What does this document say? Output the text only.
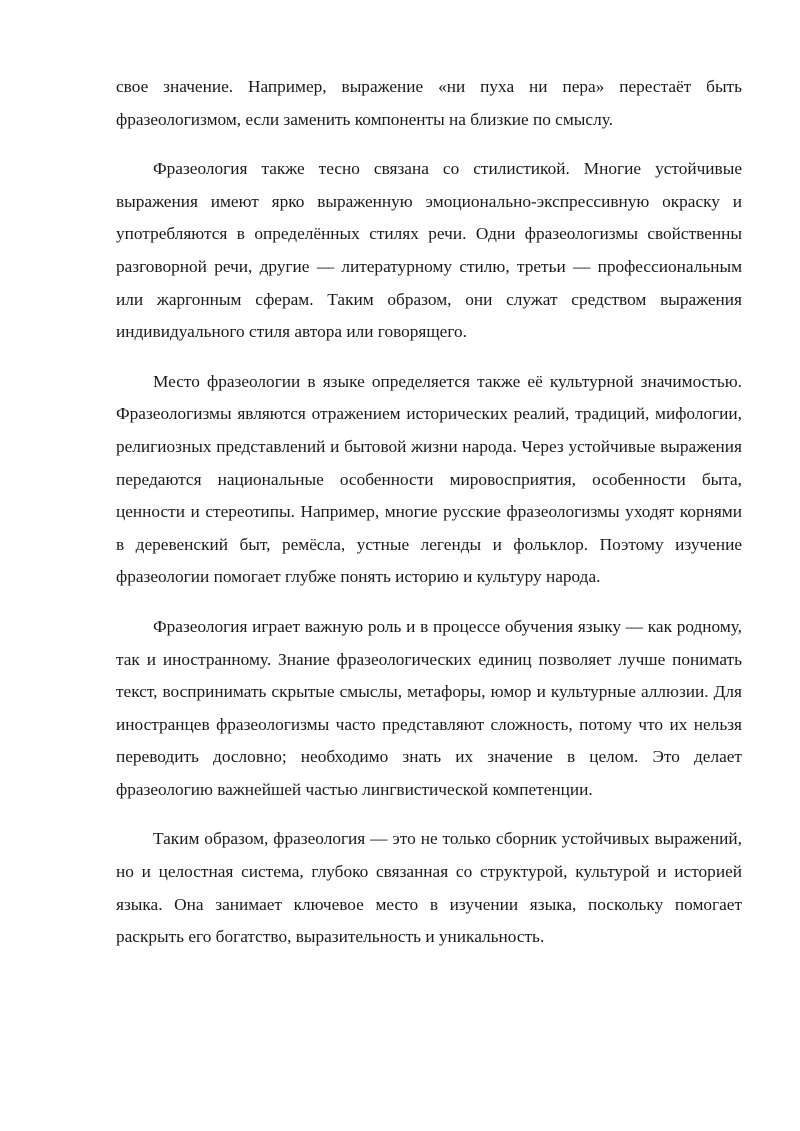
свое значение. Например, выражение «ни пуха ни пера» перестаёт быть фразеологизмом, если заменить компоненты на близкие по смыслу.

Фразеология также тесно связана со стилистикой. Многие устойчивые выражения имеют ярко выраженную эмоционально-экспрессивную окраску и употребляются в определённых стилях речи. Одни фразеологизмы свойственны разговорной речи, другие — литературному стилю, третьи — профессиональным или жаргонным сферам. Таким образом, они служат средством выражения индивидуального стиля автора или говорящего.

Место фразеологии в языке определяется также её культурной значимостью. Фразеологизмы являются отражением исторических реалий, традиций, мифологии, религиозных представлений и бытовой жизни народа. Через устойчивые выражения передаются национальные особенности мировосприятия, особенности быта, ценности и стереотипы. Например, многие русские фразеологизмы уходят корнями в деревенский быт, ремёсла, устные легенды и фольклор. Поэтому изучение фразеологии помогает глубже понять историю и культуру народа.

Фразеология играет важную роль и в процессе обучения языку — как родному, так и иностранному. Знание фразеологических единиц позволяет лучше понимать текст, воспринимать скрытые смыслы, метафоры, юмор и культурные аллюзии. Для иностранцев фразеологизмы часто представляют сложность, потому что их нельзя переводить дословно; необходимо знать их значение в целом. Это делает фразеологию важнейшей частью лингвистической компетенции.

Таким образом, фразеология — это не только сборник устойчивых выражений, но и целостная система, глубоко связанная со структурой, культурой и историей языка. Она занимает ключевое место в изучении языка, поскольку помогает раскрыть его богатство, выразительность и уникальность.
